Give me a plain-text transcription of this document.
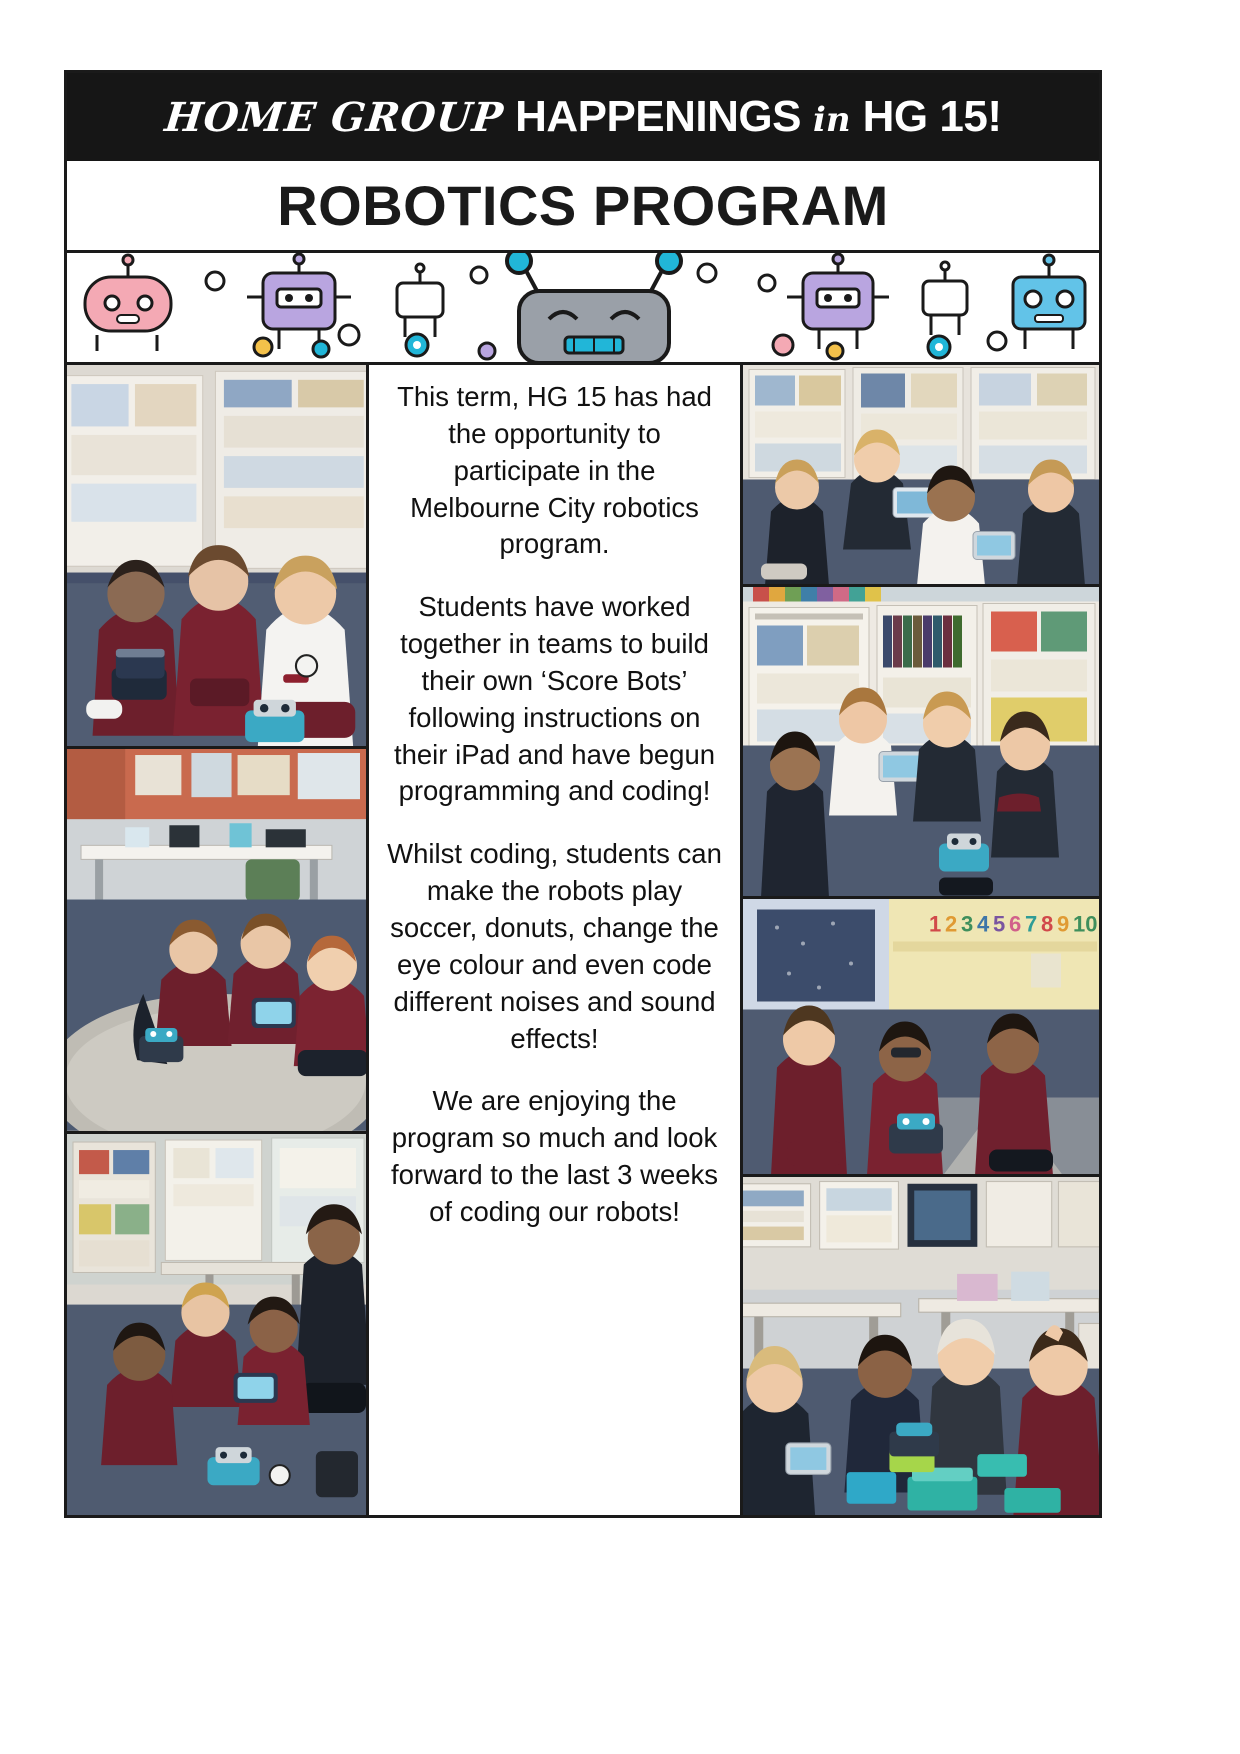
HOME GROUP HAPPENINGS in HG 15!
ROBOTICS PROGRAM

This term, HG 15 has had the opportunity to participate in the Melbourne City robotics program.

Students have worked together in teams to build their own ‘Score Bots’ following instructions on their iPad and have begun programming and coding!

Whilst coding, students can make the robots play soccer, donuts, change the eye colour and even code different noises and sound effects!

We are enjoying the program so much and look forward to the last 3 weeks of coding our robots!

1 2 3 4 5 6 7 8 9 10
